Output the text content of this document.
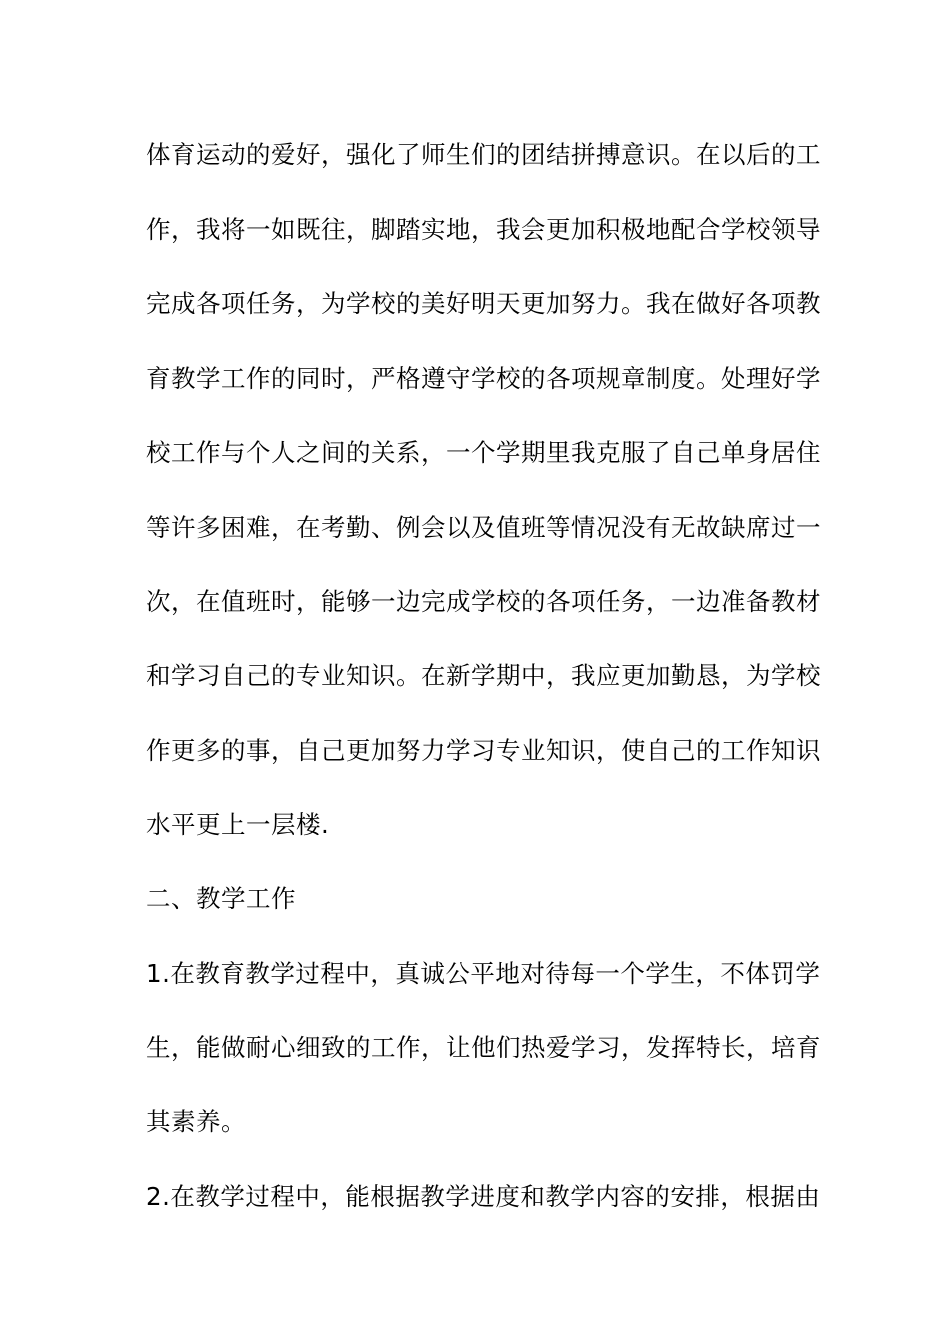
体育运动的爱好，强化了师生们的团结拼搏意识。在以后的工
作，我将一如既往，脚踏实地，我会更加积极地配合学校领导
完成各项任务，为学校的美好明天更加努力。我在做好各项教
育教学工作的同时，严格遵守学校的各项规章制度。处理好学
校工作与个人之间的关系，一个学期里我克服了自己单身居住
等许多困难，在考勤、例会以及值班等情况没有无故缺席过一
次，在值班时，能够一边完成学校的各项任务，一边准备教材
和学习自己的专业知识。在新学期中，我应更加勤恳，为学校
作更多的事，自己更加努力学习专业知识，使自己的工作知识
水平更上一层楼.
二、教学工作
1.在教育教学过程中，真诚公平地对待每一个学生，不体罚学
生，能做耐心细致的工作，让他们热爱学习，发挥特长，培育
其素养。
2.在教学过程中，能根据教学进度和教学内容的安排，根据由
